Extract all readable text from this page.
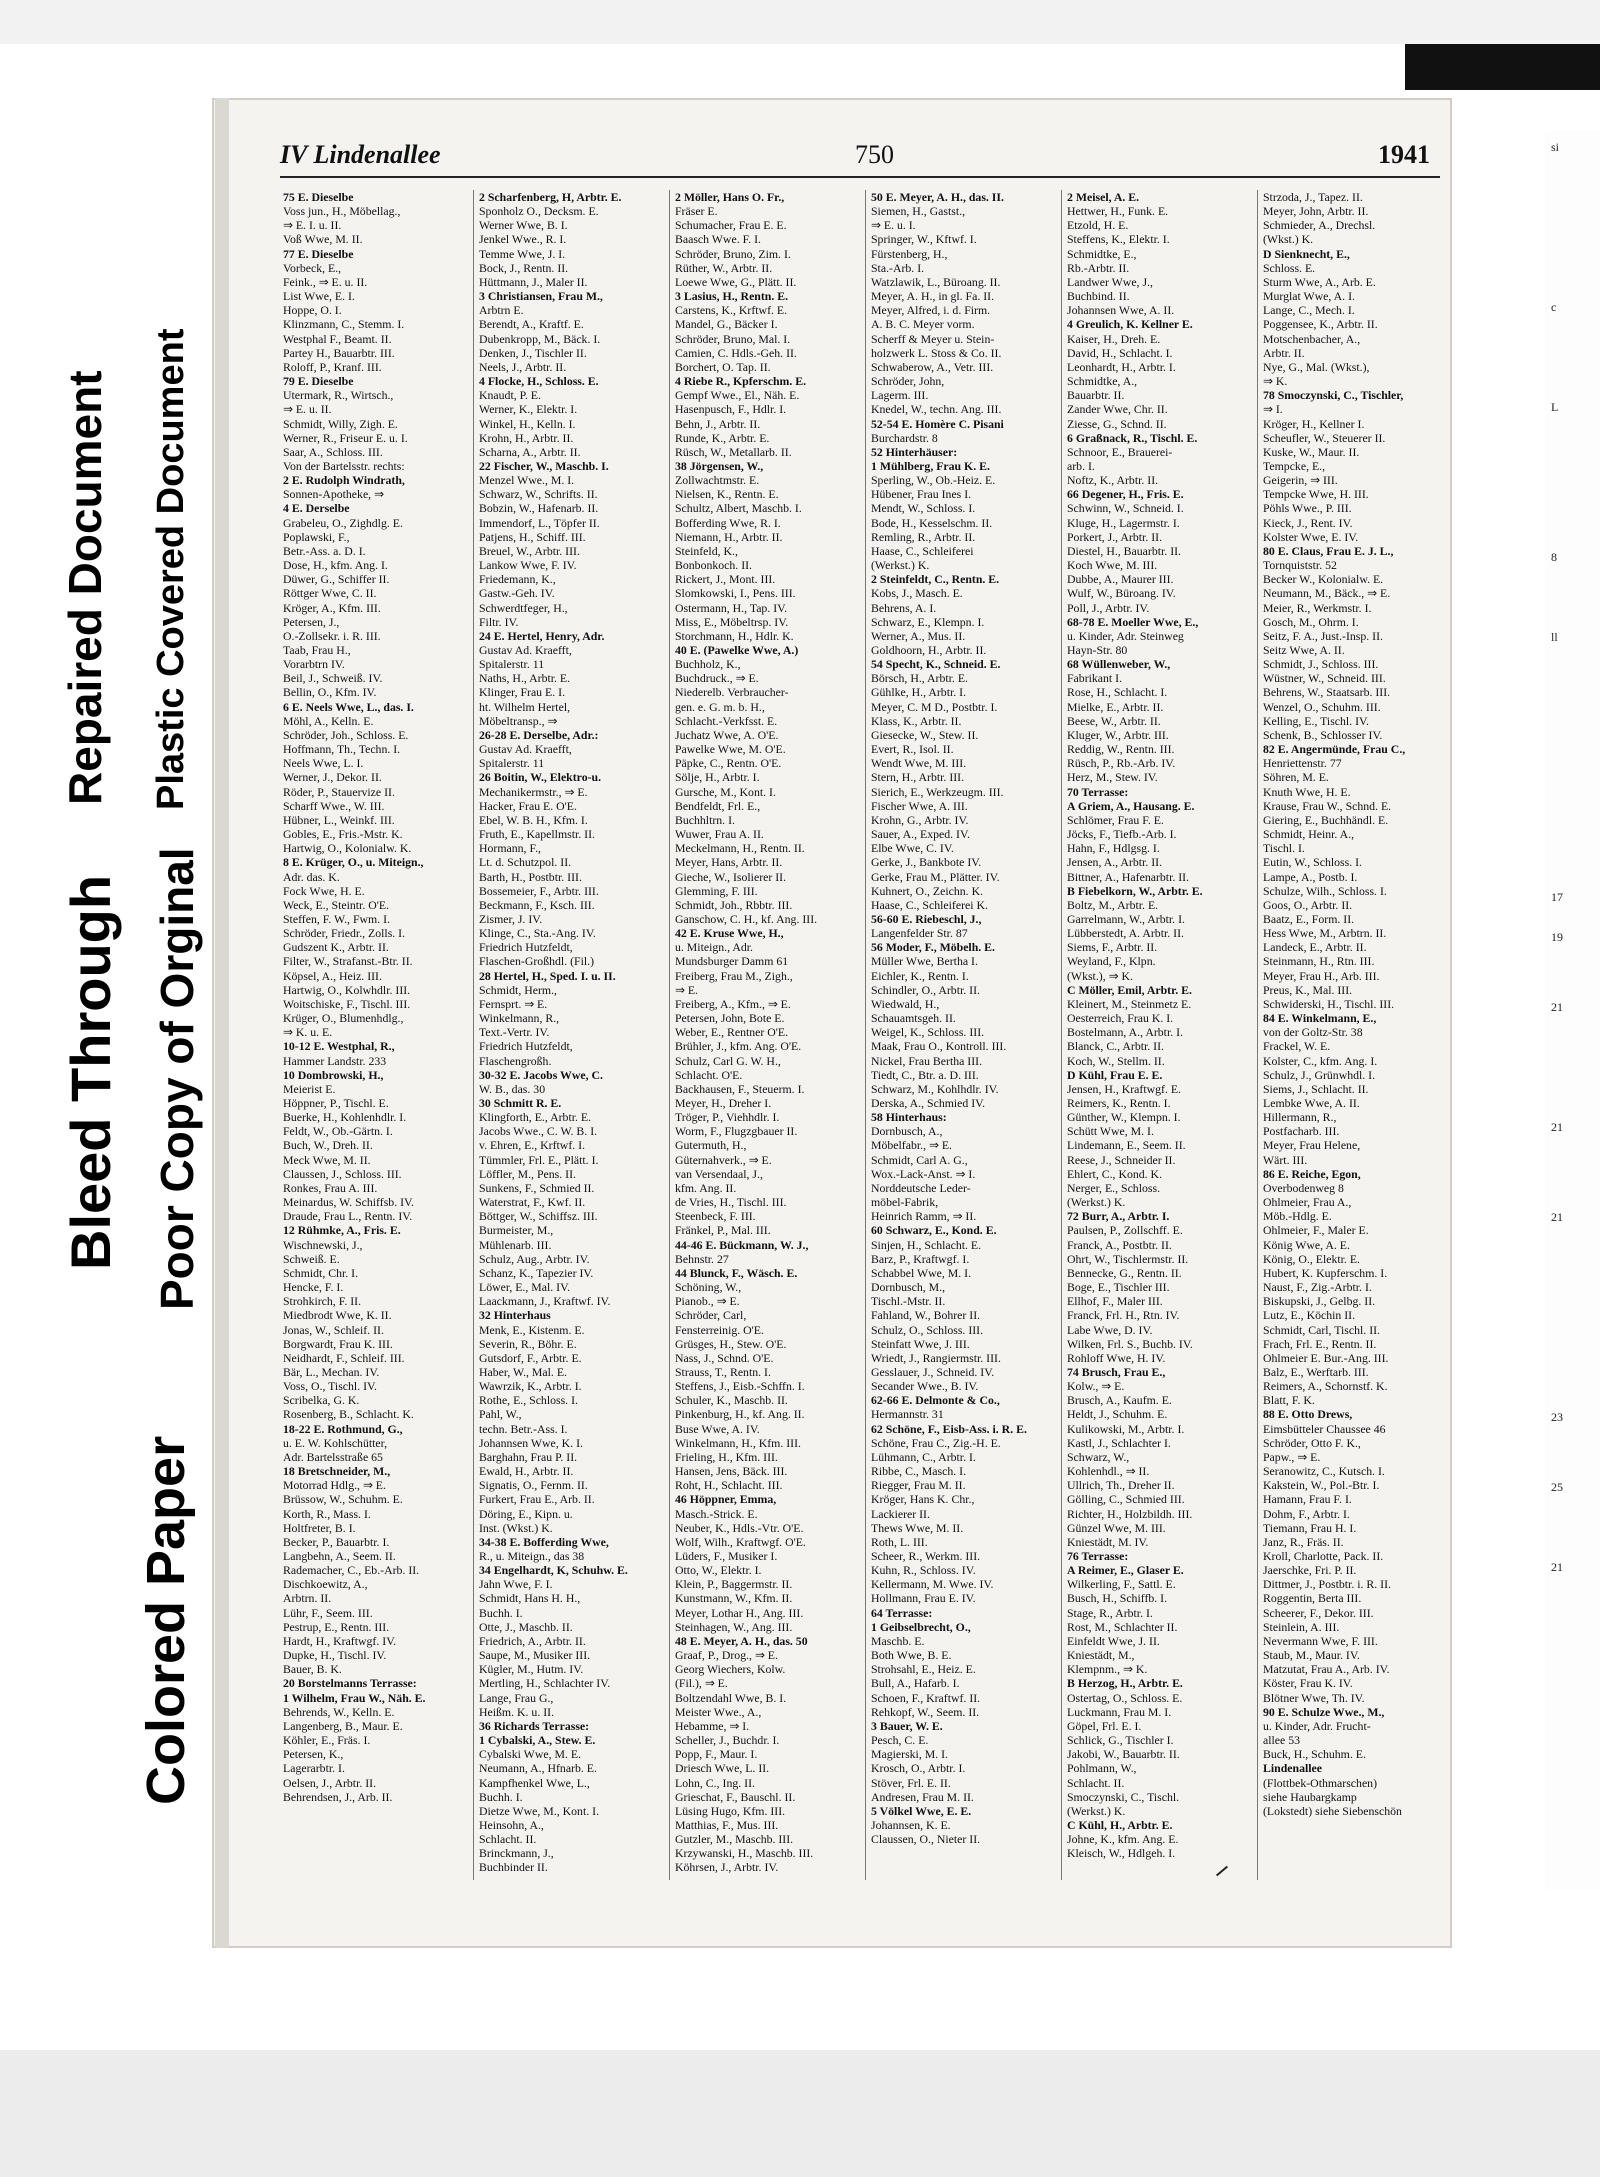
Repaired Document
Bleed Through
Plastic Covered Document
Poor Copy of Orginal
Colored Paper
IV Lindenallee	750	1941
75 E. Dieselbe
Voss jun., H., Möbellag.,
⇒ E. I. u. II.
Voß Wwe, M. II.
77 E. Dieselbe
Vorbeck, E.,
Feink., ⇒ E. u. II.
List Wwe, E. I.
Hoppe, O. I.
Klinzmann, C., Stemm. I.
Westphal F., Beamt. II.
Partey H., Bauarbtr. III.
Roloff, P., Kranf. III.
79 E. Dieselbe
Utermark, R., Wirtsch.,
⇒ E. u. II.
Schmidt, Willy, Zigh. E.
Werner, R., Friseur E. u. I.
Saar, A., Schloss. III.
Von der Bartelsstr. rechts:
2 E. Rudolph Windrath,
Sonnen-Apotheke, ⇒
4 E. Derselbe
Grabeleu, O., Zighdlg. E.
Poplawski, F.,
Betr.-Ass. a. D. I.
Dose, H., kfm. Ang. I.
Düwer, G., Schiffer II.
Röttger Wwe, C. II.
Kröger, A., Kfm. III.
Petersen, J.,
O.-Zollsekr. i. R. III.
Taab, Frau H.,
Vorarbtrn IV.
Beil, J., Schweiß. IV.
Bellin, O., Kfm. IV.
6 E. Neels Wwe, L., das. I.
Möhl, A., Kelln. E.
Schröder, Joh., Schloss. E.
Hoffmann, Th., Techn. I.
Neels Wwe, L. I.
Werner, J., Dekor. II.
Röder, P., Stauervize II.
Scharff Wwe., W. III.
Hübner, L., Weinkf. III.
Gobles, E., Fris.-Mstr. K.
Hartwig, O., Kolonialw. K.
8 E. Krüger, O., u. Miteign.,
Adr. das. K.
Fock Wwe, H. E.
Weck, E., Steintr. O'E.
Steffen, F. W., Fwm. I.
Schröder, Friedr., Zolls. I.
Gudszent K., Arbtr. II.
Filter, W., Strafanst.-Btr. II.
Köpsel, A., Heiz. III.
Hartwig, O., Kolwhdlr. III.
Woitschiske, F., Tischl. III.
Krüger, O., Blumenhdlg.,
⇒ K. u. E.
10-12 E. Westphal, R.,
Hammer Landstr. 233
10 Dombrowski, H.,
Meierist E.
Höppner, P., Tischl. E.
Buerke, H., Kohlenhdlr. I.
Feldt, W., Ob.-Gärtn. I.
Buch, W., Dreh. II.
Meck Wwe, M. II.
Claussen, J., Schloss. III.
Ronkes, Frau A. III.
Meinardus, W. Schiffsb. IV.
Draude, Frau L., Rentn. IV.
12 Rühmke, A., Fris. E.
Wischnewski, J.,
Schweiß. E.
Schmidt, Chr. I.
Hencke, F. I.
Strohkirch, F. II.
Miedbrodt Wwe, K. II.
Jonas, W., Schleif. II.
Borgwardt, Frau K. III.
Neidhardt, F., Schleif. III.
Bär, L., Mechan. IV.
Voss, O., Tischl. IV.
Scribelka, G. K.
Rosenberg, B., Schlacht. K.
18-22 E. Rothmund, G.,
u. E. W. Kohlschütter,
Adr. Bartelsstraße 65
18 Bretschneider, M.,
Motorrad Hdlg., ⇒ E.
Brüssow, W., Schuhm. E.
Korth, R., Mass. I.
Holtfreter, B. I.
Becker, P., Bauarbtr. I.
Langbehn, A., Seem. II.
Rademacher, C., Eb.-Arb. II.
Dischkoewitz, A.,
Arbtrn. II.
Lühr, F., Seem. III.
Pestrup, E., Rentn. III.
Hardt, H., Kraftwgf. IV.
Dupke, H., Tischl. IV.
Bauer, B. K.
20 Borstelmanns Terrasse:
1 Wilhelm, Frau W., Näh. E.
Behrends, W., Kelln. E.
Langenberg, B., Maur. E.
Köhler, E., Fräs. I.
Petersen, K.,
Lagerarbtr. I.
Oelsen, J., Arbtr. II.
Behrendsen, J., Arb. II.
2 Scharfenberg, H, Arbtr. E.
Sponholz O., Decksm. E.
Werner Wwe, B. I.
Jenkel Wwe., R. I.
Temme Wwe, J. I.
Bock, J., Rentn. II.
Hüttmann, J., Maler II.
3 Christiansen, Frau M.,
Arbtrn E.
Berendt, A., Kraftf. E.
Dubenkropp, M., Bäck. I.
Denken, J., Tischler II.
Neels, J., Arbtr. II.
4 Flocke, H., Schloss. E.
Knaudt, P. E.
Werner, K., Elektr. I.
Winkel, H., Kelln. I.
Krohn, H., Arbtr. II.
Scharna, A., Arbtr. II.
22 Fischer, W., Maschb. I.
Menzel Wwe., M. I.
Schwarz, W., Schrifts. II.
Bobzin, W., Hafenarb. II.
Immendorf, L., Töpfer II.
Patjens, H., Schiff. III.
Breuel, W., Arbtr. III.
Lankow Wwe, F. IV.
Friedemann, K.,
Gastw.-Geh. IV.
Schwerdtfeger, H.,
Filtr. IV.
24 E. Hertel, Henry, Adr.
Gustav Ad. Kraefft,
Spitalerstr. 11
Naths, H., Arbtr. E.
Klinger, Frau E. I.
ht. Wilhelm Hertel,
Möbeltransp., ⇒
26-28 E. Derselbe, Adr.:
Gustav Ad. Kraefft,
Spitalerstr. 11
26 Boitin, W., Elektro-u.
Mechanikermstr., ⇒ E.
Hacker, Frau E. O'E.
Ebel, W. B. H., Kfm. I.
Fruth, E., Kapellmstr. II.
Hormann, F.,
Lt. d. Schutzpol. II.
Barth, H., Postbtr. III.
Bossemeier, F., Arbtr. III.
Beckmann, F., Ksch. III.
Zismer, J. IV.
Klinge, C., Sta.-Ang. IV.
Friedrich Hutzfeldt,
Flaschen-Großhdl. (Fil.)
28 Hertel, H., Sped. I. u. II.
Schmidt, Herm.,
Fernsprt. ⇒ E.
Winkelmann, R.,
Text.-Vertr. IV.
Friedrich Hutzfeldt,
Flaschengroßh.
30-32 E. Jacobs Wwe, C.
W. B., das. 30
30 Schmitt R. E.
Klingforth, E., Arbtr. E.
Jacobs Wwe., C. W. B. I.
v. Ehren, E., Krftwf. I.
Tümmler, Frl. E., Plätt. I.
Löffler, M., Pens. II.
Sunkens, F., Schmied II.
Waterstrat, F., Kwf. II.
Böttger, W., Schiffsz. III.
Burmeister, M.,
Mühlenarb. III.
Schulz, Aug., Arbtr. IV.
Schanz, K., Tapezier IV.
Löwer, E., Mal. IV.
Laackmann, J., Kraftwf. IV.
32 Hinterhaus
Menk, E., Kistenm. E.
Severin, R., Böhr. E.
Gutsdorf, F., Arbtr. E.
Haber, W., Mal. E.
Wawrzik, K., Arbtr. I.
Rothe, E., Schloss. I.
Pahl, W.,
techn. Betr.-Ass. I.
Johannsen Wwe, K. I.
Barghahn, Frau P. II.
Ewald, H., Arbtr. II.
Signatis, O., Fernm. II.
Furkert, Frau E., Arb. II.
Döring, E., Kipn. u.
Inst. (Wkst.) K.
34-38 E. Bofferding Wwe,
R., u. Miteign., das 38
34 Engelhardt, K, Schuhw. E.
Jahn Wwe, F. I.
Schmidt, Hans H. H.,
Buchh. I.
Otte, J., Maschb. II.
Friedrich, A., Arbtr. II.
Saupe, M., Musiker III.
Kügler, M., Hutm. IV.
Mertling, H., Schlachter IV.
Lange, Frau G.,
Heißm. K. u. II.
36 Richards Terrasse:
1 Cybalski, A., Stew. E.
Cybalski Wwe, M. E.
Neumann, A., Hfnarb. E.
Kampfhenkel Wwe, L.,
Buchh. I.
Dietze Wwe, M., Kont. I.
Heinsohn, A.,
Schlacht. II.
Brinckmann, J.,
Buchbinder II.
2 Möller, Hans O. Fr.,
Fräser E.
Schumacher, Frau E. E.
Baasch Wwe. F. I.
Schröder, Bruno, Zim. I.
Rüther, W., Arbtr. II.
Loewe Wwe, G., Plätt. II.
3 Lasius, H., Rentn. E.
Carstens, K., Krftwf. E.
Mandel, G., Bäcker I.
Schröder, Bruno, Mal. I.
Camien, C. Hdls.-Geh. II.
Borchert, O. Tap. II.
4 Riebe R., Kpferschm. E.
Gempf Wwe., El., Näh. E.
Hasenpusch, F., Hdlr. I.
Behn, J., Arbtr. II.
Runde, K., Arbtr. E.
Rüsch, W., Metallarb. II.
38 Jörgensen, W.,
Zollwachtmstr. E.
Nielsen, K., Rentn. E.
Schultz, Albert, Maschb. I.
Bofferding Wwe, R. I.
Niemann, H., Arbtr. II.
Steinfeld, K.,
Bonbonkoch. II.
Rickert, J., Mont. III.
Slomkowski, I., Pens. III.
Ostermann, H., Tap. IV.
Miss, E., Möbeltrsp. IV.
Storchmann, H., Hdlr. K.
40 E. (Pawelke Wwe, A.)
Buchholz, K.,
Buchdruck., ⇒ E.
Niederelb. Verbraucher-
gen. e. G. m. b. H.,
Schlacht.-Verkfsst. E.
Juchatz Wwe, A. O'E.
Pawelke Wwe, M. O'E.
Päpke, C., Rentn. O'E.
Sölje, H., Arbtr. I.
Gursche, M., Kont. I.
Bendfeldt, Frl. E.,
Buchhltrn. I.
Wuwer, Frau A. II.
Meckelmann, H., Rentn. II.
Meyer, Hans, Arbtr. II.
Gieche, W., Isolierer II.
Glemming, F. III.
Schmidt, Joh., Rbbtr. III.
Ganschow, C. H., kf. Ang. III.
42 E. Kruse Wwe, H.,
u. Miteign., Adr.
Mundsburger Damm 61
Freiberg, Frau M., Zigh.,
⇒ E.
Freiberg, A., Kfm., ⇒ E.
Petersen, John, Bote E.
Weber, E., Rentner O'E.
Brühler, J., kfm. Ang. O'E.
Schulz, Carl G. W. H.,
Schlacht. O'E.
Backhausen, F., Steuerm. I.
Meyer, H., Dreher I.
Tröger, P., Viehhdlr. I.
Worm, F., Flugzgbauer II.
Gutermuth, H.,
Güternahverk., ⇒ E.
van Versendaal, J.,
kfm. Ang. II.
de Vries, H., Tischl. III.
Steenbeck, F. III.
Fränkel, P., Mal. III.
44-46 E. Bückmann, W. J.,
Behnstr. 27
44 Blunck, F., Wäsch. E.
Schöning, W.,
Pianob., ⇒ E.
Schröder, Carl,
Fensterreinig. O'E.
Grüsges, H., Stew. O'E.
Nass, J., Schnd. O'E.
Strauss, T., Rentn. I.
Steffens, J., Eisb.-Schffn. I.
Schuler, K., Maschb. II.
Pinkenburg, H., kf. Ang. II.
Buse Wwe, A. IV.
Winkelmann, H., Kfm. III.
Frieling, H., Kfm. III.
Hansen, Jens, Bäck. III.
Roht, H., Schlacht. III.
46 Höppner, Emma,
Masch.-Strick. E.
Neuber, K., Hdls.-Vtr. O'E.
Wolf, Wilh., Kraftwgf. O'E.
Lüders, F., Musiker I.
Otto, W., Elektr. I.
Klein, P., Baggermstr. II.
Kunstmann, W., Kfm. II.
Meyer, Lothar H., Ang. III.
Steinhagen, W., Ang. III.
48 E. Meyer, A. H., das. 50
Graaf, P., Drog., ⇒ E.
Georg Wiechers, Kolw.
(Fil.), ⇒ E.
Boltzendahl Wwe, B. I.
Meister Wwe., A.,
Hebamme, ⇒ I.
Scheller, J., Buchdr. I.
Popp, F., Maur. I.
Driesch Wwe, L. II.
Lohn, C., Ing. II.
Grieschat, F., Bauschl. II.
Lüsing Hugo, Kfm. III.
Matthias, F., Mus. III.
Gutzler, M., Maschb. III.
Krzywanski, H., Maschb. III.
Köhrsen, J., Arbtr. IV.
50 E. Meyer, A. H., das. II.
Siemen, H., Gastst.,
⇒ E. u. I.
Springer, W., Kftwf. I.
Fürstenberg, H.,
Sta.-Arb. I.
Watzlawik, L., Büroang. II.
Meyer, A. H., in gl. Fa. II.
Meyer, Alfred, i. d. Firm.
A. B. C. Meyer vorm.
Scherff & Meyer u. Stein-
holzwerk L. Stoss & Co. II.
Schwaberow, A., Vetr. III.
Schröder, John,
Lagerm. III.
Knedel, W., techn. Ang. III.
52-54 E. Homère C. Pisani
Burchardstr. 8
52 Hinterhäuser:
1 Mühlberg, Frau K. E.
Sperling, W., Ob.-Heiz. E.
Hübener, Frau Ines I.
Mendt, W., Schloss. I.
Bode, H., Kesselschm. II.
Remling, R., Arbtr. II.
Haase, C., Schleiferei
(Werkst.) K.
2 Steinfeldt, C., Rentn. E.
Kobs, J., Masch. E.
Behrens, A. I.
Schwarz, E., Klempn. I.
Werner, A., Mus. II.
Goldhoorn, H., Arbtr. II.
54 Specht, K., Schneid. E.
Börsch, H., Arbtr. E.
Gühlke, H., Arbtr. I.
Meyer, C. M D., Postbtr. I.
Klass, K., Arbtr. II.
Giesecke, W., Stew. II.
Evert, R., Isol. II.
Wendt Wwe, M. III.
Stern, H., Arbtr. III.
Sierich, E., Werkzeugm. III.
Fischer Wwe, A. III.
Krohn, G., Arbtr. IV.
Sauer, A., Exped. IV.
Elbe Wwe, C. IV.
Gerke, J., Bankbote IV.
Gerke, Frau M., Plätter. IV.
Kuhnert, O., Zeichn. K.
Haase, C., Schleiferei K.
56-60 E. Riebeschl, J.,
Langenfelder Str. 87
56 Moder, F., Möbelh. E.
Müller Wwe, Bertha I.
Eichler, K., Rentn. I.
Schindler, O., Arbtr. II.
Wiedwald, H.,
Schauamtsgeh. II.
Weigel, K., Schloss. III.
Maak, Frau O., Kontroll. III.
Nickel, Frau Bertha III.
Tiedt, C., Btr. a. D. III.
Schwarz, M., Kohlhdlr. IV.
Derska, A., Schmied IV.
58 Hinterhaus:
Dornbusch, A.,
Möbelfabr., ⇒ E.
Schmidt, Carl A. G.,
Wox.-Lack-Anst. ⇒ I.
Norddeutsche Leder-
möbel-Fabrik,
Heinrich Ramm, ⇒ II.
60 Schwarz, E., Kond. E.
Sinjen, H., Schlacht. E.
Barz, P., Kraftwgf. I.
Schabbel Wwe, M. I.
Dornbusch, M.,
Tischl.-Mstr. II.
Fahland, W., Bohrer II.
Schulz, O., Schloss. III.
Steinfatt Wwe, J. III.
Wriedt, J., Rangiermstr. III.
Gesslauer, J., Schneid. IV.
Secander Wwe., B. IV.
62-66 E. Delmonte & Co.,
Hermannstr. 31
62 Schöne, F., Eisb-Ass. i. R. E.
Schöne, Frau C., Zig.-H. E.
Lühmann, C., Arbtr. I.
Ribbe, C., Masch. I.
Riegger, Frau M. II.
Kröger, Hans K. Chr.,
Lackierer II.
Thews Wwe, M. II.
Roth, L. III.
Scheer, R., Werkm. III.
Kuhn, R., Schloss. IV.
Kellermann, M. Wwe. IV.
Hollmann, Frau E. IV.
64 Terrasse:
1 Geibselbrecht, O.,
Maschb. E.
Both Wwe, B. E.
Strohsahl, E., Heiz. E.
Bull, A., Hafarb. I.
Schoen, F., Kraftwf. II.
Rehkopf, W., Seem. II.
3 Bauer, W. E.
Pesch, C. E.
Magierski, M. I.
Krosch, O., Arbtr. I.
Stöver, Frl. E. II.
Andresen, Frau M. II.
5 Völkel Wwe, E. E.
Johannsen, K. E.
Claussen, O., Nieter II.
2 Meisel, A. E.
Hettwer, H., Funk. E.
Etzold, H. E.
Steffens, K., Elektr. I.
Schmidtke, E.,
Rb.-Arbtr. II.
Landwer Wwe, J.,
Buchbind. II.
Johannsen Wwe, A. II.
4 Greulich, K. Kellner E.
Kaiser, H., Dreh. E.
David, H., Schlacht. I.
Leonhardt, H., Arbtr. I.
Schmidtke, A.,
Bauarbtr. II.
Zander Wwe, Chr. II.
Ziesse, G., Schnd. II.
6 Graßnack, R., Tischl. E.
Schnoor, E., Brauerei-
arb. I.
Noftz, K., Arbtr. II.
66 Degener, H., Fris. E.
Schwinn, W., Schneid. I.
Kluge, H., Lagermstr. I.
Porkert, J., Arbtr. II.
Diestel, H., Bauarbtr. II.
Koch Wwe, M. III.
Dubbe, A., Maurer III.
Wulf, W., Büroang. IV.
Poll, J., Arbtr. IV.
68-78 E. Moeller Wwe, E.,
u. Kinder, Adr. Steinweg
Hayn-Str. 80
68 Wüllenweber, W.,
Fabrikant I.
Rose, H., Schlacht. I.
Mielke, E., Arbtr. II.
Beese, W., Arbtr. II.
Kluger, W., Arbtr. III.
Reddig, W., Rentn. III.
Rüsch, P., Rb.-Arb. IV.
Herz, M., Stew. IV.
70 Terrasse:
A Griem, A., Hausang. E.
Schlömer, Frau F. E.
Jöcks, F., Tiefb.-Arb. I.
Hahn, F., Hdlgsg. I.
Jensen, A., Arbtr. II.
Bittner, A., Hafenarbtr. II.
B Fiebelkorn, W., Arbtr. E.
Boltz, M., Arbtr. E.
Garrelmann, W., Arbtr. I.
Lübberstedt, A. Arbtr. II.
Siems, F., Arbtr. II.
Weyland, F., Klpn.
(Wkst.), ⇒ K.
C Möller, Emil, Arbtr. E.
Kleinert, M., Steinmetz E.
Oesterreich, Frau K. I.
Bostelmann, A., Arbtr. I.
Blanck, C., Arbtr. II.
Koch, W., Stellm. II.
D Kühl, Frau E. E.
Jensen, H., Kraftwgf. E.
Reimers, K., Rentn. I.
Günther, W., Klempn. I.
Schütt Wwe, M. I.
Lindemann, E., Seem. II.
Reese, J., Schneider II.
Ehlert, C., Kond. K.
Nerger, E., Schloss.
(Werkst.) K.
72 Burr, A., Arbtr. I.
Paulsen, P., Zollschff. E.
Franck, A., Postbtr. II.
Ohrt, W., Tischlermstr. II.
Bennecke, G., Rentn. II.
Boge, E., Tischler III.
Ellhof, F., Maler III.
Franck, Frl. H., Rtn. IV.
Labe Wwe, D. IV.
Wilken, Frl. S., Buchb. IV.
Rohloff Wwe, H. IV.
74 Brusch, Frau E.,
Kolw., ⇒ E.
Brusch, A., Kaufm. E.
Heldt, J., Schuhm. E.
Kulikowski, M., Arbtr. I.
Kastl, J., Schlachter I.
Schwarz, W.,
Kohlenhdl., ⇒ II.
Ullrich, Th., Dreher II.
Gölling, C., Schmied III.
Richter, H., Holzbildh. III.
Günzel Wwe, M. III.
Kniestädt, M. IV.
76 Terrasse:
A Reimer, E., Glaser E.
Wilkerling, F., Sattl. E.
Busch, H., Schiffb. I.
Stage, R., Arbtr. I.
Rost, M., Schlachter II.
Einfeldt Wwe, J. II.
Kniestädt, M.,
Klempnm., ⇒ K.
B Herzog, H., Arbtr. E.
Ostertag, O., Schloss. E.
Luckmann, Frau M. I.
Göpel, Frl. E. I.
Schlick, G., Tischler I.
Jakobi, W., Bauarbtr. II.
Pohlmann, W.,
Schlacht. II.
Smoczynski, C., Tischl.
(Werkst.) K.
C Kühl, H., Arbtr. E.
Johne, K., kfm. Ang. E.
Kleisch, W., Hdlgeh. I.
Strzoda, J., Tapez. II.
Meyer, John, Arbtr. II.
Schmieder, A., Drechsl.
(Wkst.) K.
D Sienknecht, E.,
Schloss. E.
Sturm Wwe, A., Arb. E.
Murglat Wwe, A. I.
Lange, C., Mech. I.
Poggensee, K., Arbtr. II.
Motschenbacher, A.,
Arbtr. II.
Nye, G., Mal. (Wkst.),
⇒ K.
78 Smoczynski, C., Tischler,
⇒ I.
Kröger, H., Kellner I.
Scheufler, W., Steuerer II.
Kuske, W., Maur. II.
Tempcke, E.,
Geigerin, ⇒ III.
Tempcke Wwe, H. III.
Pöhls Wwe., P. III.
Kieck, J., Rent. IV.
Kolster Wwe, E. IV.
80 E. Claus, Frau E. J. L.,
Tornquiststr. 52
Becker W., Kolonialw. E.
Neumann, M., Bäck., ⇒ E.
Meier, R., Werkmstr. I.
Gosch, M., Ohrm. I.
Seitz, F. A., Just.-Insp. II.
Seitz Wwe, A. II.
Schmidt, J., Schloss. III.
Wüstner, W., Schneid. III.
Behrens, W., Staatsarb. III.
Wenzel, O., Schuhm. III.
Kelling, E., Tischl. IV.
Schenk, B., Schlosser IV.
82 E. Angermünde, Frau C.,
Henriettenstr. 77
Söhren, M. E.
Knuth Wwe, H. E.
Krause, Frau W., Schnd. E.
Giering, E., Buchhändl. E.
Schmidt, Heinr. A.,
Tischl. I.
Eutin, W., Schloss. I.
Lampe, A., Postb. I.
Schulze, Wilh., Schloss. I.
Goos, O., Arbtr. II.
Baatz, E., Form. II.
Hess Wwe, M., Arbtrn. II.
Landeck, E., Arbtr. II.
Steinmann, H., Rtn. III.
Meyer, Frau H., Arb. III.
Preus, K., Mal. III.
Schwiderski, H., Tischl. III.
84 E. Winkelmann, E.,
von der Goltz-Str. 38
Frackel, W. E.
Kolster, C., kfm. Ang. I.
Schulz, J., Grünwhdl. I.
Siems, J., Schlacht. II.
Lembke Wwe, A. II.
Hillermann, R.,
Postfacharb. III.
Meyer, Frau Helene,
Wärt. III.
86 E. Reiche, Egon,
Overbodenweg 8
Ohlmeier, Frau A.,
Möb.-Hdlg. E.
Ohlmeier, F., Maler E.
König Wwe, A. E.
König, O., Elektr. E.
Hubert, K. Kupferschm. I.
Naust, F., Zig.-Arbtr. I.
Biskupski, J., Gelbg. II.
Lutz, E., Köchin II.
Schmidt, Carl, Tischl. II.
Frach, Frl. E., Rentn. II.
Ohlmeier E. Bur.-Ang. III.
Balz, E., Werftarb. III.
Reimers, A., Schornstf. K.
Blatt, F. K.
88 E. Otto Drews,
Eimsbütteler Chaussee 46
Schröder, Otto F. K.,
Papw., ⇒ E.
Seranowitz, C., Kutsch. I.
Kakstein, W., Pol.-Btr. I.
Hamann, Frau F. I.
Dohm, F., Arbtr. I.
Tiemann, Frau H. I.
Janz, R., Fräs. II.
Kroll, Charlotte, Pack. II.
Jaerschke, Fri. P. II.
Dittmer, J., Postbtr. i. R. II.
Roggentin, Berta III.
Scheerer, F., Dekor. III.
Steinlein, A. III.
Nevermann Wwe, F. III.
Staub, M., Maur. IV.
Matzutat, Frau A., Arb. IV.
Köster, Frau K. IV.
Blötner Wwe, Th. IV.
90 E. Schulze Wwe., M.,
u. Kinder, Adr. Frucht-
allee 53
Buck, H., Schuhm. E.
Lindenallee
(Flottbek-Othmarschen)
siehe Haubargkamp
(Lokstedt) siehe Siebenschön
si
c
L
8
ll
17
19
21
21
21
23
25
21
